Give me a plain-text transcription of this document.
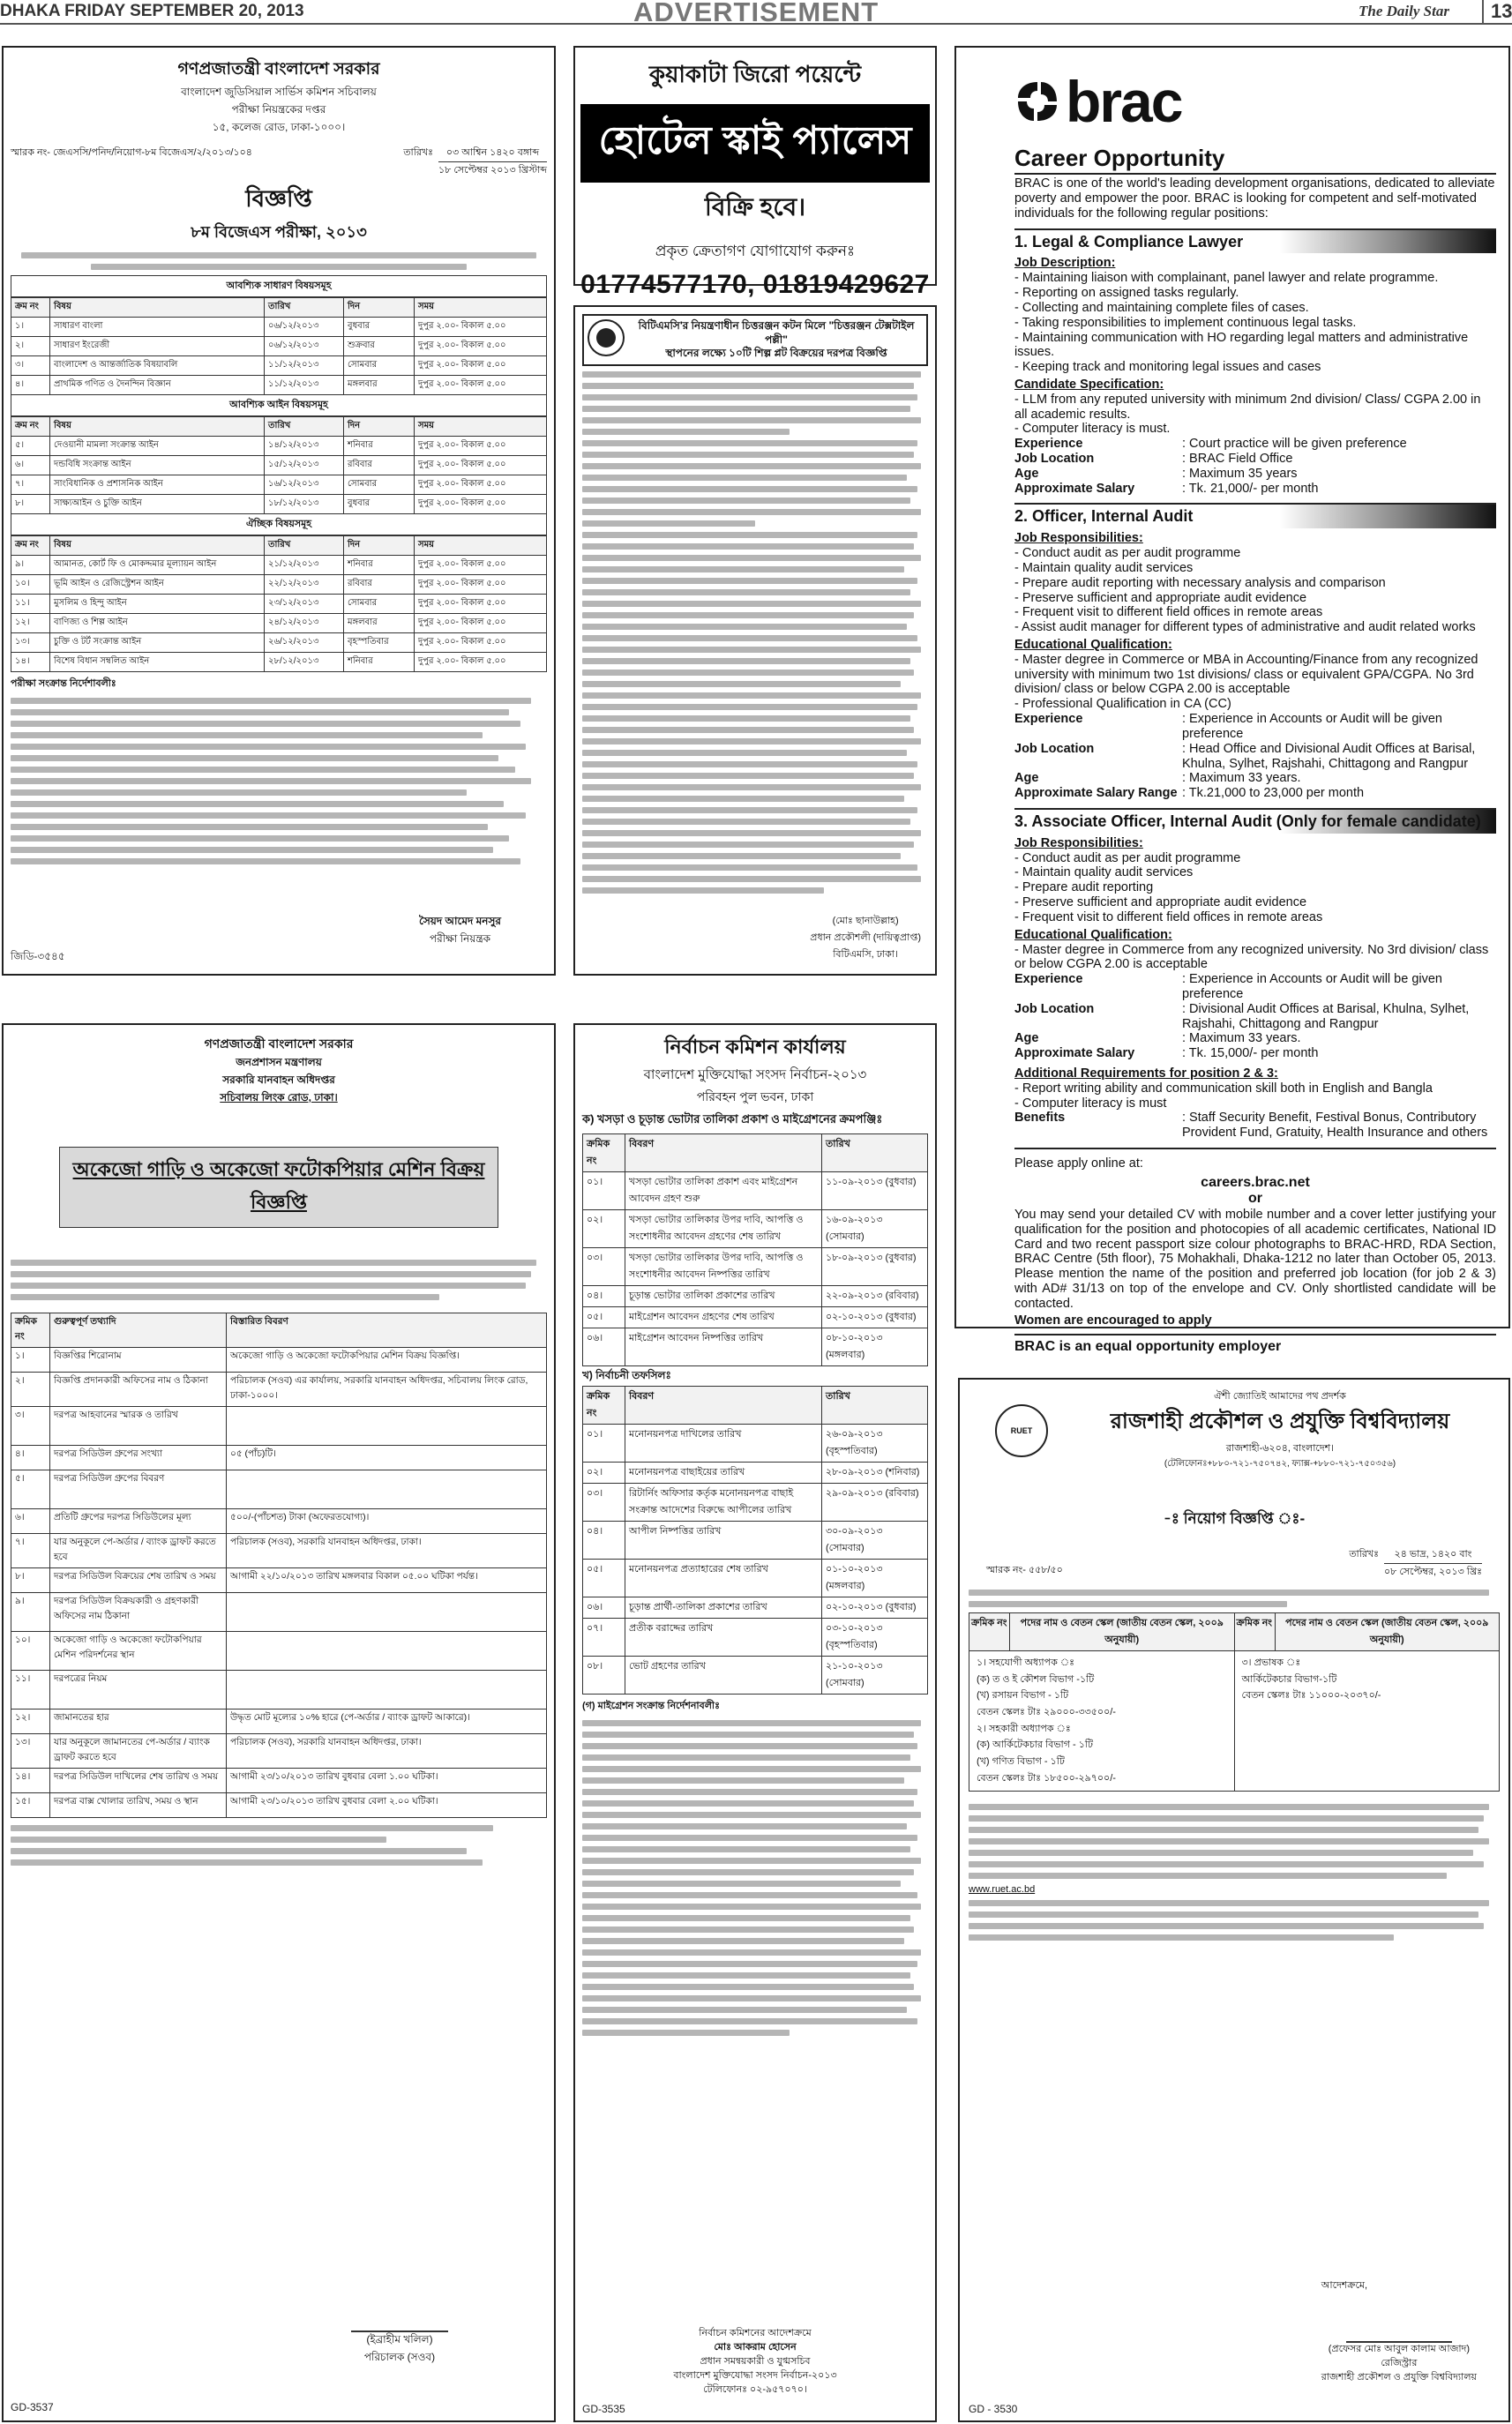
DHAKA FRIDAY SEPTEMBER 20, 2013	ADVERTISEMENT	The Daily Star	13
গণপ্রজাতন্ত্রী বাংলাদেশ সরকার
বাংলাদেশ জুডিসিয়াল সার্ভিস কমিশন সচিবালয়
পরীক্ষা নিয়ন্ত্রকের দপ্তর
১৫, কলেজ রোড, ঢাকা-১০০০।
স্মারক নং- জেএসসি/পনিদ/নিয়োগ-৮ম বিজেএস/২/২০১৩/১০৪	তারিখঃ	০৩ আশ্বিন ১৪২০ বঙ্গাব্দ
১৮ সেপ্টেম্বর ২০১৩ খ্রিস্টাব্দ
বিজ্ঞপ্তি
৮ম বিজেএস পরীক্ষা, ২০১৩
আবশ্যিক সাধারণ বিষয়সমূহ
ক্রম নং	বিষয়	তারিখ	দিন	সময়
১।	সাধারণ বাংলা	০৬/১২/২০১৩	বুধবার	দুপুর ২.০০- বিকাল ৫.০০
২।	সাধারণ ইংরেজী	০৬/১২/২০১৩	শুক্রবার	দুপুর ২.০০- বিকাল ৫.০০
৩।	বাংলাদেশ ও আন্তর্জাতিক বিষয়াবলি	১১/১২/২০১৩	সোমবার	দুপুর ২.০০- বিকাল ৫.০০
৪।	প্রাথমিক গণিত ও দৈনন্দিন বিজ্ঞান	১১/১২/২০১৩	মঙ্গলবার	দুপুর ২.০০- বিকাল ৫.০০
আবশ্যিক আইন বিষয়সমূহ
ক্রম নং	বিষয়	তারিখ	দিন	সময়
৫।	দেওয়ানী মামলা সংক্রান্ত আইন	১৪/১২/২০১৩	শনিবার	দুপুর ২.০০- বিকাল ৫.০০
৬।	দন্ডবিধি সংক্রান্ত আইন	১৫/১২/২০১৩	রবিবার	দুপুর ২.০০- বিকাল ৫.০০
৭।	সাংবিধানিক ও প্রশাসনিক আইন	১৬/১২/২০১৩	সোমবার	দুপুর ২.০০- বিকাল ৫.০০
৮।	সাক্ষ্যআইন ও চুক্তি আইন	১৮/১২/২০১৩	বুধবার	দুপুর ২.০০- বিকাল ৫.০০
ঐচ্ছিক বিষয়সমূহ
ক্রম নং	বিষয়	তারিখ	দিন	সময়
৯।	আমানত, কোর্ট ফি ও মোকদ্দমার মূল্যায়ন আইন	২১/১২/২০১৩	শনিবার	দুপুর ২.০০- বিকাল ৫.০০
১০।	ভূমি আইন ও রেজিস্ট্রেশন আইন	২২/১২/২০১৩	রবিবার	দুপুর ২.০০- বিকাল ৫.০০
১১।	মুসলিম ও হিন্দু আইন	২৩/১২/২০১৩	সোমবার	দুপুর ২.০০- বিকাল ৫.০০
১২।	বাণিজ্য ও শিল্প আইন	২৪/১২/২০১৩	মঙ্গলবার	দুপুর ২.০০- বিকাল ৫.০০
১৩।	চুক্তি ও টর্ট সংক্রান্ত আইন	২৬/১২/২০১৩	বৃহস্পতিবার	দুপুর ২.০০- বিকাল ৫.০০
১৪।	বিশেষ বিধান সম্বলিত আইন	২৮/১২/২০১৩	শনিবার	দুপুর ২.০০- বিকাল ৫.০০
পরীক্ষা সংক্রান্ত নির্দেশাবলীঃ
সৈয়দ আমেদ মনসুর
পরীক্ষা নিয়ন্ত্রক
জিডি-৩৫৪৫
কুয়াকাটা জিরো পয়েন্টে
হোটেল স্কাই প্যালেস
বিক্রি হবে।
প্রকৃত ক্রেতাগণ যোগাযোগ করুনঃ
01774577170, 01819429627
বিটিএমসি'র নিয়ন্ত্রণাধীন চিত্তরঞ্জন কটন মিলে "চিত্তরঞ্জন টেক্সটাইল পল্লী"
স্থাপনের লক্ষ্যে ১০টি শিল্প প্লট বিক্রয়ের দরপত্র বিজ্ঞপ্তি
(মোঃ ছানাউল্লাহ)
প্রধান প্রকৌশলী (দায়িত্বপ্রাপ্ত)
বিটিএমসি, ঢাকা।
brac
Career Opportunity
BRAC is one of the world's leading development organisations, dedicated to alleviate poverty and empower the poor. BRAC is looking for competent and self-motivated individuals for the following regular positions:
1. Legal & Compliance Lawyer
Job Description:
- Maintaining liaison with complainant, panel lawyer and relate programme.
- Reporting on assigned tasks regularly.
- Collecting and maintaining complete files of cases.
- Taking responsibilities to implement continuous legal tasks.
- Maintaining communication with HO regarding legal matters and administrative issues.
- Keeping track and monitoring legal issues and cases
Candidate Specification:
- LLM from any reputed university with minimum 2nd division/ Class/ CGPA 2.00 in all academic results.
- Computer literacy is must.
Experience	: Court practice will be given preference
Job Location	: BRAC Field Office
Age	: Maximum 35 years
Approximate Salary	: Tk. 21,000/- per month
2. Officer, Internal Audit
Job Responsibilities:
- Conduct audit as per audit programme
- Maintain quality audit services
- Prepare audit reporting with necessary analysis and comparison
- Preserve sufficient and appropriate audit evidence
- Frequent visit to different field offices in remote areas
- Assist audit manager for different types of administrative and audit related works
Educational Qualification:
- Master degree in Commerce or MBA in Accounting/Finance from any recognized university with minimum two 1st divisions/ class or equivalent GPA/CGPA. No 3rd division/ class or below CGPA 2.00 is acceptable
- Professional Qualification in CA (CC)
Experience	: Experience in Accounts or Audit will be given preference
Job Location	: Head Office and Divisional Audit Offices at Barisal, Khulna, Sylhet, Rajshahi, Chittagong and Rangpur
Age	: Maximum 33 years.
Approximate Salary Range : Tk.21,000 to 23,000 per month
3. Associate Officer, Internal Audit (Only for female candidate)
Job Responsibilities:
- Conduct audit as per audit programme
- Maintain quality audit services
- Prepare audit reporting
- Preserve sufficient and appropriate audit evidence
- Frequent visit to different field offices in remote areas
Educational Qualification:
- Master degree in Commerce from any recognized university. No 3rd division/ class or below CGPA 2.00 is acceptable
Experience	: Experience in Accounts or Audit will be given preference
Job Location	: Divisional Audit Offices at Barisal, Khulna, Sylhet, Rajshahi, Chittagong and Rangpur
Age	: Maximum 33 years.
Approximate Salary	: Tk. 15,000/- per month
Additional Requirements for position 2 & 3:
- Report writing ability and communication skill both in English and Bangla
- Computer literacy is must
Benefits	: Staff Security Benefit, Festival Bonus, Contributory Provident Fund, Gratuity, Health Insurance and others
Please apply online at:
careers.brac.net
or
You may send your detailed CV with mobile number and a cover letter justifying your qualification for the position and photocopies of all academic certificates, National ID Card and two recent passport size colour photographs to BRAC-HRD, RDA Section, BRAC Centre (5th floor), 75 Mohakhali, Dhaka-1212 no later than October 05, 2013. Please mention the name of the position and preferred job location (for job 2 & 3) with AD# 31/13 on top of the envelope and CV. Only shortlisted candidate will be contacted.
Women are encouraged to apply
BRAC is an equal opportunity employer
গণপ্রজাতন্ত্রী বাংলাদেশ সরকার
জনপ্রশাসন মন্ত্রণালয়
সরকারি যানবাহন অধিদপ্তর
সচিবালয় লিংক রোড, ঢাকা।
অকেজো গাড়ি ও অকেজো ফটোকপিয়ার মেশিন বিক্রয় বিজ্ঞপ্তি
ক্রমিক নং	গুরুত্বপূর্ণ তথ্যাদি	বিস্তারিত বিবরণ
১।	বিজ্ঞপ্তির শিরোনাম	অকেজো গাড়ি ও অকেজো ফটোকপিয়ার মেশিন বিক্রয় বিজ্ঞপ্তি।
২।	বিজ্ঞপ্তি প্রদানকারী অফিসের নাম ও ঠিকানা	পরিচালক (সওব) এর কার্যালয়, সরকারি যানবাহন অধিদপ্তর, সচিবালয় লিংক রোড, ঢাকা-১০০০।
৩।	দরপত্র আহবানের স্মারক ও তারিখ	
৪।	দরপত্র সিডিউল গ্রুপের সংখ্যা	০৫ (পাঁচ)টি।
৫।	দরপত্র সিডিউল গ্রুপের বিবরণ	
৬।	প্রতিটি গ্রুপের দরপত্র সিডিউলের মূল্য	৫০০/-(পাঁচশত) টাকা (অফেরতযোগ্য)।
৭।	যার অনুকূলে পে-অর্ডার / ব্যাংক ড্রাফট করতে হবে	পরিচালক (সওব), সরকারি যানবাহন অধিদপ্তর, ঢাকা।
৮।	দরপত্র সিডিউল বিক্রয়ের শেষ তারিখ ও সময়	আগামী ২২/১০/২০১৩ তারিখ মঙ্গলবার বিকাল ০৫.০০ ঘটিকা পর্যন্ত।
৯।	দরপত্র সিডিউল বিক্রয়কারী ও গ্রহণকারী অফিসের নাম ঠিকানা	
১০।	অকেজো গাড়ি ও অকেজো ফটোকপিয়ার মেশিন পরিদর্শনের স্থান	
১১।	দরপত্রের নিয়ম	
১২।	জামানতের হার	উদ্ধৃত মোট মূল্যের ১০% হারে (পে-অর্ডার / ব্যাংক ড্রাফট আকারে)।
১৩।	যার অনুকূলে জামানতের পে-অর্ডার / ব্যাংক ড্রাফট করতে হবে	পরিচালক (সওব), সরকারি যানবাহন অধিদপ্তর, ঢাকা।
১৪।	দরপত্র সিডিউল দাখিলের শেষ তারিখ ও সময়	আগামী ২৩/১০/২০১৩ তারিখ বুধবার বেলা ১.০০ ঘটিকা।
১৫।	দরপত্র বাক্স খোলার তারিখ, সময় ও স্থান	আগামী ২৩/১০/২০১৩ তারিখ বুধবার বেলা ২.০০ ঘটিকা।
(ইব্রাহীম খলিল)
পরিচালক (সওব)
GD-3537
নির্বাচন কমিশন কার্যালয়
বাংলাদেশ মুক্তিযোদ্ধা সংসদ নির্বাচন-২০১৩
পরিবহন পুল ভবন, ঢাকা
ক) খসড়া ও চূড়ান্ত ভোটার তালিকা প্রকাশ ও মাইগ্রেশনের ক্রমপঞ্জিঃ
ক্রমিক নং	বিবরণ	তারিখ
০১।	খসড়া ভোটার তালিকা প্রকাশ এবং মাইগ্রেশন আবেদন গ্রহণ শুরু	১১-০৯-২০১৩ (বুধবার)
০২।	খসড়া ভোটার তালিকার উপর দাবি, আপত্তি ও সংশোধনীর আবেদন গ্রহণের শেষ তারিখ	১৬-০৯-২০১৩ (সোমবার)
০৩।	খসড়া ভোটার তালিকার উপর দাবি, আপত্তি ও সংশোধনীর আবেদন নিষ্পত্তির তারিখ	১৮-০৯-২০১৩ (বুধবার)
০৪।	চূড়ান্ত ভোটার তালিকা প্রকাশের তারিখ	২২-০৯-২০১৩ (রবিবার)
০৫।	মাইগ্রেশন আবেদন গ্রহণের শেষ তারিখ	০২-১০-২০১৩ (বুধবার)
০৬।	মাইগ্রেশন আবেদন নিষ্পত্তির তারিখ	০৮-১০-২০১৩ (মঙ্গলবার)
খ) নির্বাচনী তফসিলঃ
ক্রমিক নং	বিবরণ	তারিখ
০১।	মনোনয়নপত্র দাখিলের তারিখ	২৬-০৯-২০১৩ (বৃহস্পতিবার)
০২।	মনোনয়নপত্র বাছাইয়ের তারিখ	২৮-০৯-২০১৩ (শনিবার)
০৩।	রিটার্নিং অফিসার কর্তৃক মনোনয়নপত্র বাছাই সংক্রান্ত আদেশের বিরুদ্ধে আপীলের তারিখ	২৯-০৯-২০১৩ (রবিবার)
০৪।	আপীল নিষ্পত্তির তারিখ	৩০-০৯-২০১৩ (সোমবার)
০৫।	মনোনয়নপত্র প্রত্যাহারের শেষ তারিখ	০১-১০-২০১৩ (মঙ্গলবার)
০৬।	চূড়ান্ত প্রার্থী-তালিকা প্রকাশের তারিখ	০২-১০-২০১৩ (বুধবার)
০৭।	প্রতীক বরাদ্দের তারিখ	০৩-১০-২০১৩ (বৃহস্পতিবার)
০৮।	ভোট গ্রহণের তারিখ	২১-১০-২০১৩ (সোমবার)
(গ) মাইগ্রেশন সংক্রান্ত নির্দেশনাবলীঃ
নির্বাচন কমিশনের আদেশক্রমে
মোঃ আকরাম হোসেন
প্রধান সমন্বয়কারী ও যুগ্মসচিব
বাংলাদেশ মুক্তিযোদ্ধা সংসদ নির্বাচন-২০১৩
টেলিফোনঃ ০২-৯৫৭০৭০।
GD-3535
RUET
ঐশী জ্যোতিই আমাদের পথ প্রদর্শক
রাজশাহী প্রকৌশল ও প্রযুক্তি বিশ্ববিদ্যালয়
রাজশাহী-৬২০৪, বাংলাদেশ।
(টেলিফোনঃ+৮৮০-৭২১-৭৫০৭৪২, ফ্যাক্স-+৮৮০-৭২১-৭৫০৩৫৬)
-ঃ নিয়োগ বিজ্ঞপ্তি ঃ-
স্মারক নং- ৫৫৮/৫০
তারিখঃ	২৪ ভাদ্র, ১৪২০ বাং
০৮ সেপ্টেম্বর, ২০১৩ খ্রিঃ
ক্রমিক নং	পদের নাম ও বেতন স্কেল (জাতীয় বেতন স্কেল, ২০০৯ অনুযায়ী)
১। সহযোগী অধ্যাপক ঃ
(ক) ত ও ই কৌশল বিভাগ -১টি
(খ) রসায়ন বিভাগ - ১টি
বেতন স্কেলঃ টাঃ ২৯০০০-৩৩৫০০/-
২। সহকারী অধ্যাপক ঃ
(ক) আর্কিটেকচার বিভাগ - ১টি
(খ) গণিত বিভাগ - ১টি
বেতন স্কেলঃ টাঃ ১৮৫০০-২৯৭০০/-
ক্রমিক নং	পদের নাম ও বেতন স্কেল (জাতীয় বেতন স্কেল, ২০০৯ অনুযায়ী)
৩। প্রভাষক ঃ
আর্কিটেকচার বিভাগ-১টি
বেতন স্কেলঃ টাঃ ১১০০০-২০৩৭০/-
www.ruet.ac.bd
আদেশক্রমে,
(প্রফেসর মোঃ আবুল কালাম আজাদ)
রেজিস্ট্রার
রাজশাহী প্রকৌশল ও প্রযুক্তি বিশ্ববিদ্যালয়
GD - 3530
